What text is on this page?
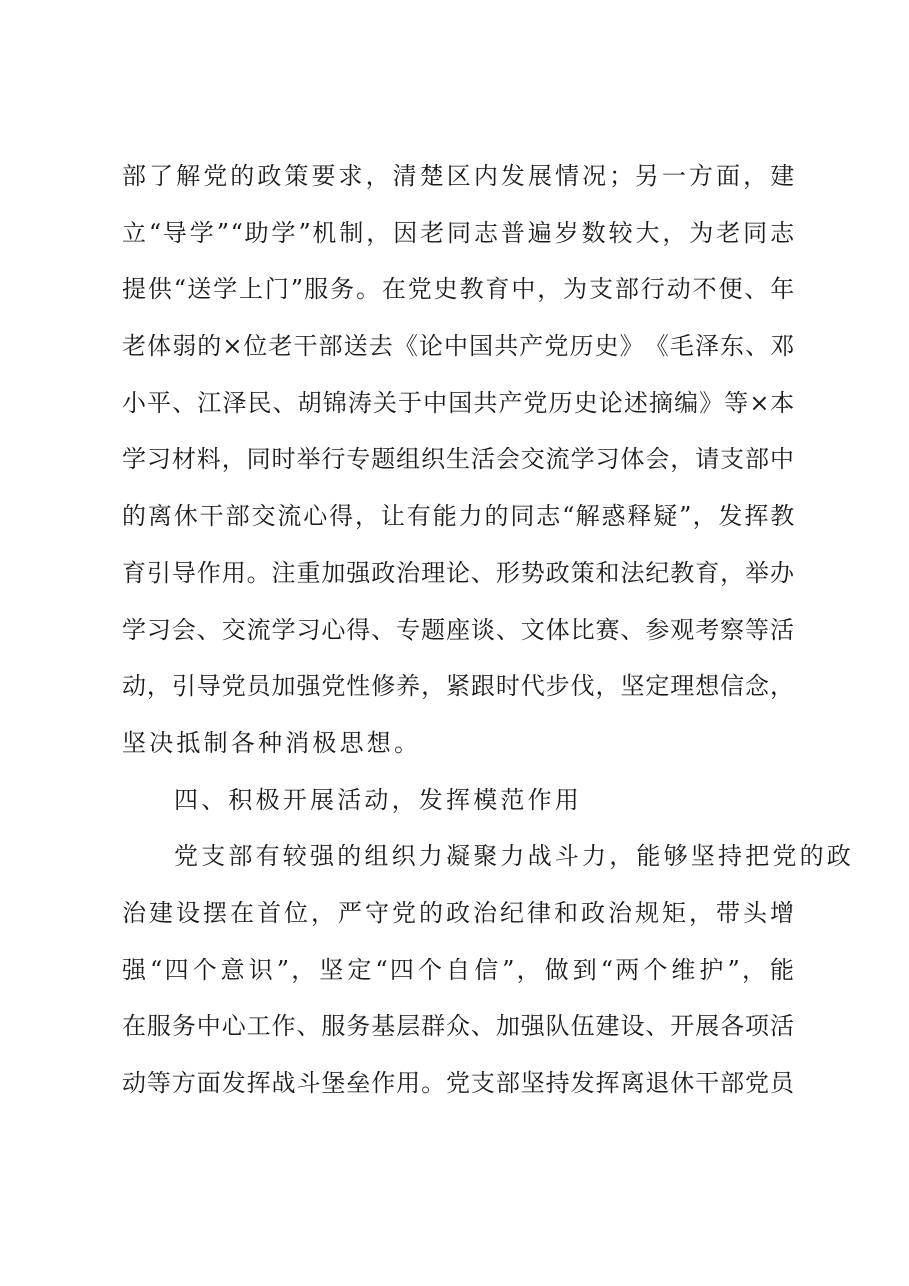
部 了 解 党 的 政 策 要 求 ， 清 楚 区 内 发 展 情 况 ； 另 一 方 面 ， 建
立 “ 导 学 ” “ 助 学 ” 机 制 ， 因 老 同 志 普 遍 岁 数 较 大 ， 为 老 同 志
提 供 “ 送 学 上 门 ” 服 务 。 在 党 史 教 育 中 ， 为 支 部 行 动 不 便 、 年
老 体 弱 的 × 位 老 干 部 送 去 《 论 中 国 共 产 党 历 史 》 《 毛 泽 东 、 邓
小 平 、 江 泽 民 、 胡 锦 涛 关 于 中 国 共 产 党 历 史 论 述 摘 编 》 等 × 本
学 习 材 料 ， 同 时 举 行 专 题 组 织 生 活 会 交 流 学 习 体 会 ， 请 支 部 中
的 离 休 干 部 交 流 心 得 ， 让 有 能 力 的 同 志 “ 解 惑 释 疑 ” ， 发 挥 教
育 引 导 作 用 。 注 重 加 强 政 治 理 论 、 形 势 政 策 和 法 纪 教 育 ， 举 办
学 习 会 、 交 流 学 习 心 得 、 专 题 座 谈 、 文 体 比 赛 、 参 观 考 察 等 活
动 ， 引 导 党 员 加 强 党 性 修 养 ， 紧 跟 时 代 步 伐 ， 坚 定 理 想 信 念 ，
坚决抵制各种消极思想。
四、积极开展活动，发挥模范作用
党支部有较强的组织力凝聚力战斗力，能够坚持把党的政
治 建 设 摆 在 首 位 ， 严 守 党 的 政 治 纪 律 和 政 治 规 矩 ， 带 头 增
强 “ 四 个 意 识 ” ， 坚 定 “ 四 个 自 信 ” ， 做 到 “ 两 个 维 护 ” ， 能
在 服 务 中 心 工 作 、 服 务 基 层 群 众 、 加 强 队 伍 建 设 、 开 展 各 项 活
动 等 方 面 发 挥 战 斗 堡 垒 作 用 。 党 支 部 坚 持 发 挥 离 退 休 干 部 党 员
